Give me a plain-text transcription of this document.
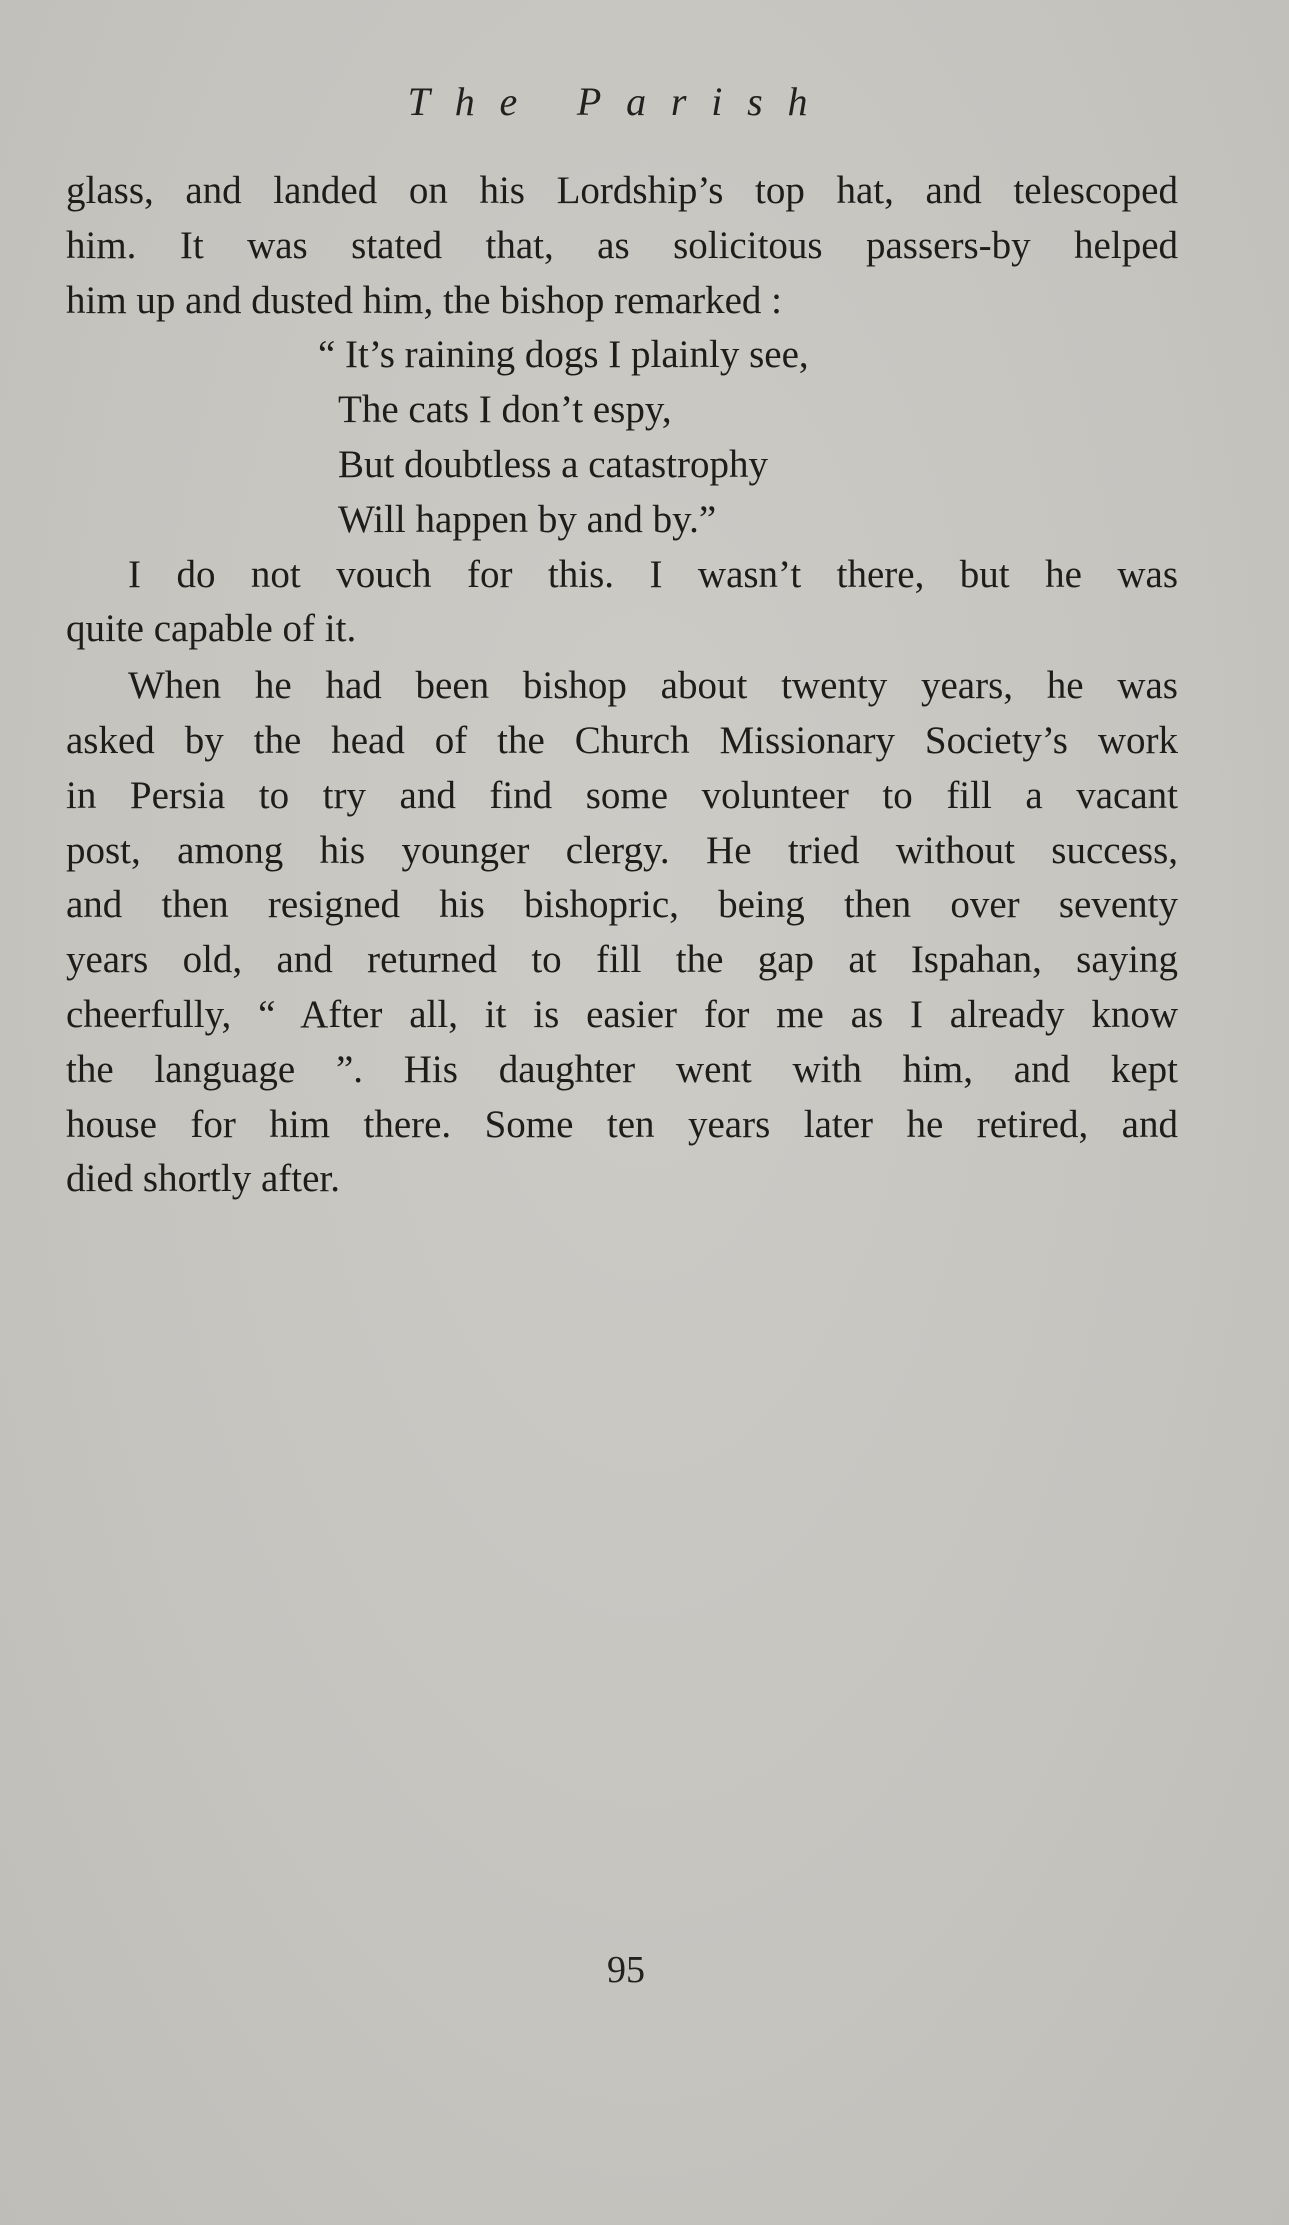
The Parish
glass, and landed on his Lordship’s top hat, and telescoped
him. It was stated that, as solicitous passers-by helped
him up and dusted him, the bishop remarked :
“ It’s raining dogs I plainly see,
The cats I don’t espy,
But doubtless a catastrophy
Will happen by and by.”
I do not vouch for this. I wasn’t there, but he was
quite capable of it.
When he had been bishop about twenty years, he was
asked by the head of the Church Missionary Society’s work
in Persia to try and find some volunteer to fill a vacant
post, among his younger clergy. He tried without success,
and then resigned his bishopric, being then over seventy
years old, and returned to fill the gap at Ispahan, saying
cheerfully, “ After all, it is easier for me as I already know
the language ”. His daughter went with him, and kept
house for him there. Some ten years later he retired, and
died shortly after.
95
